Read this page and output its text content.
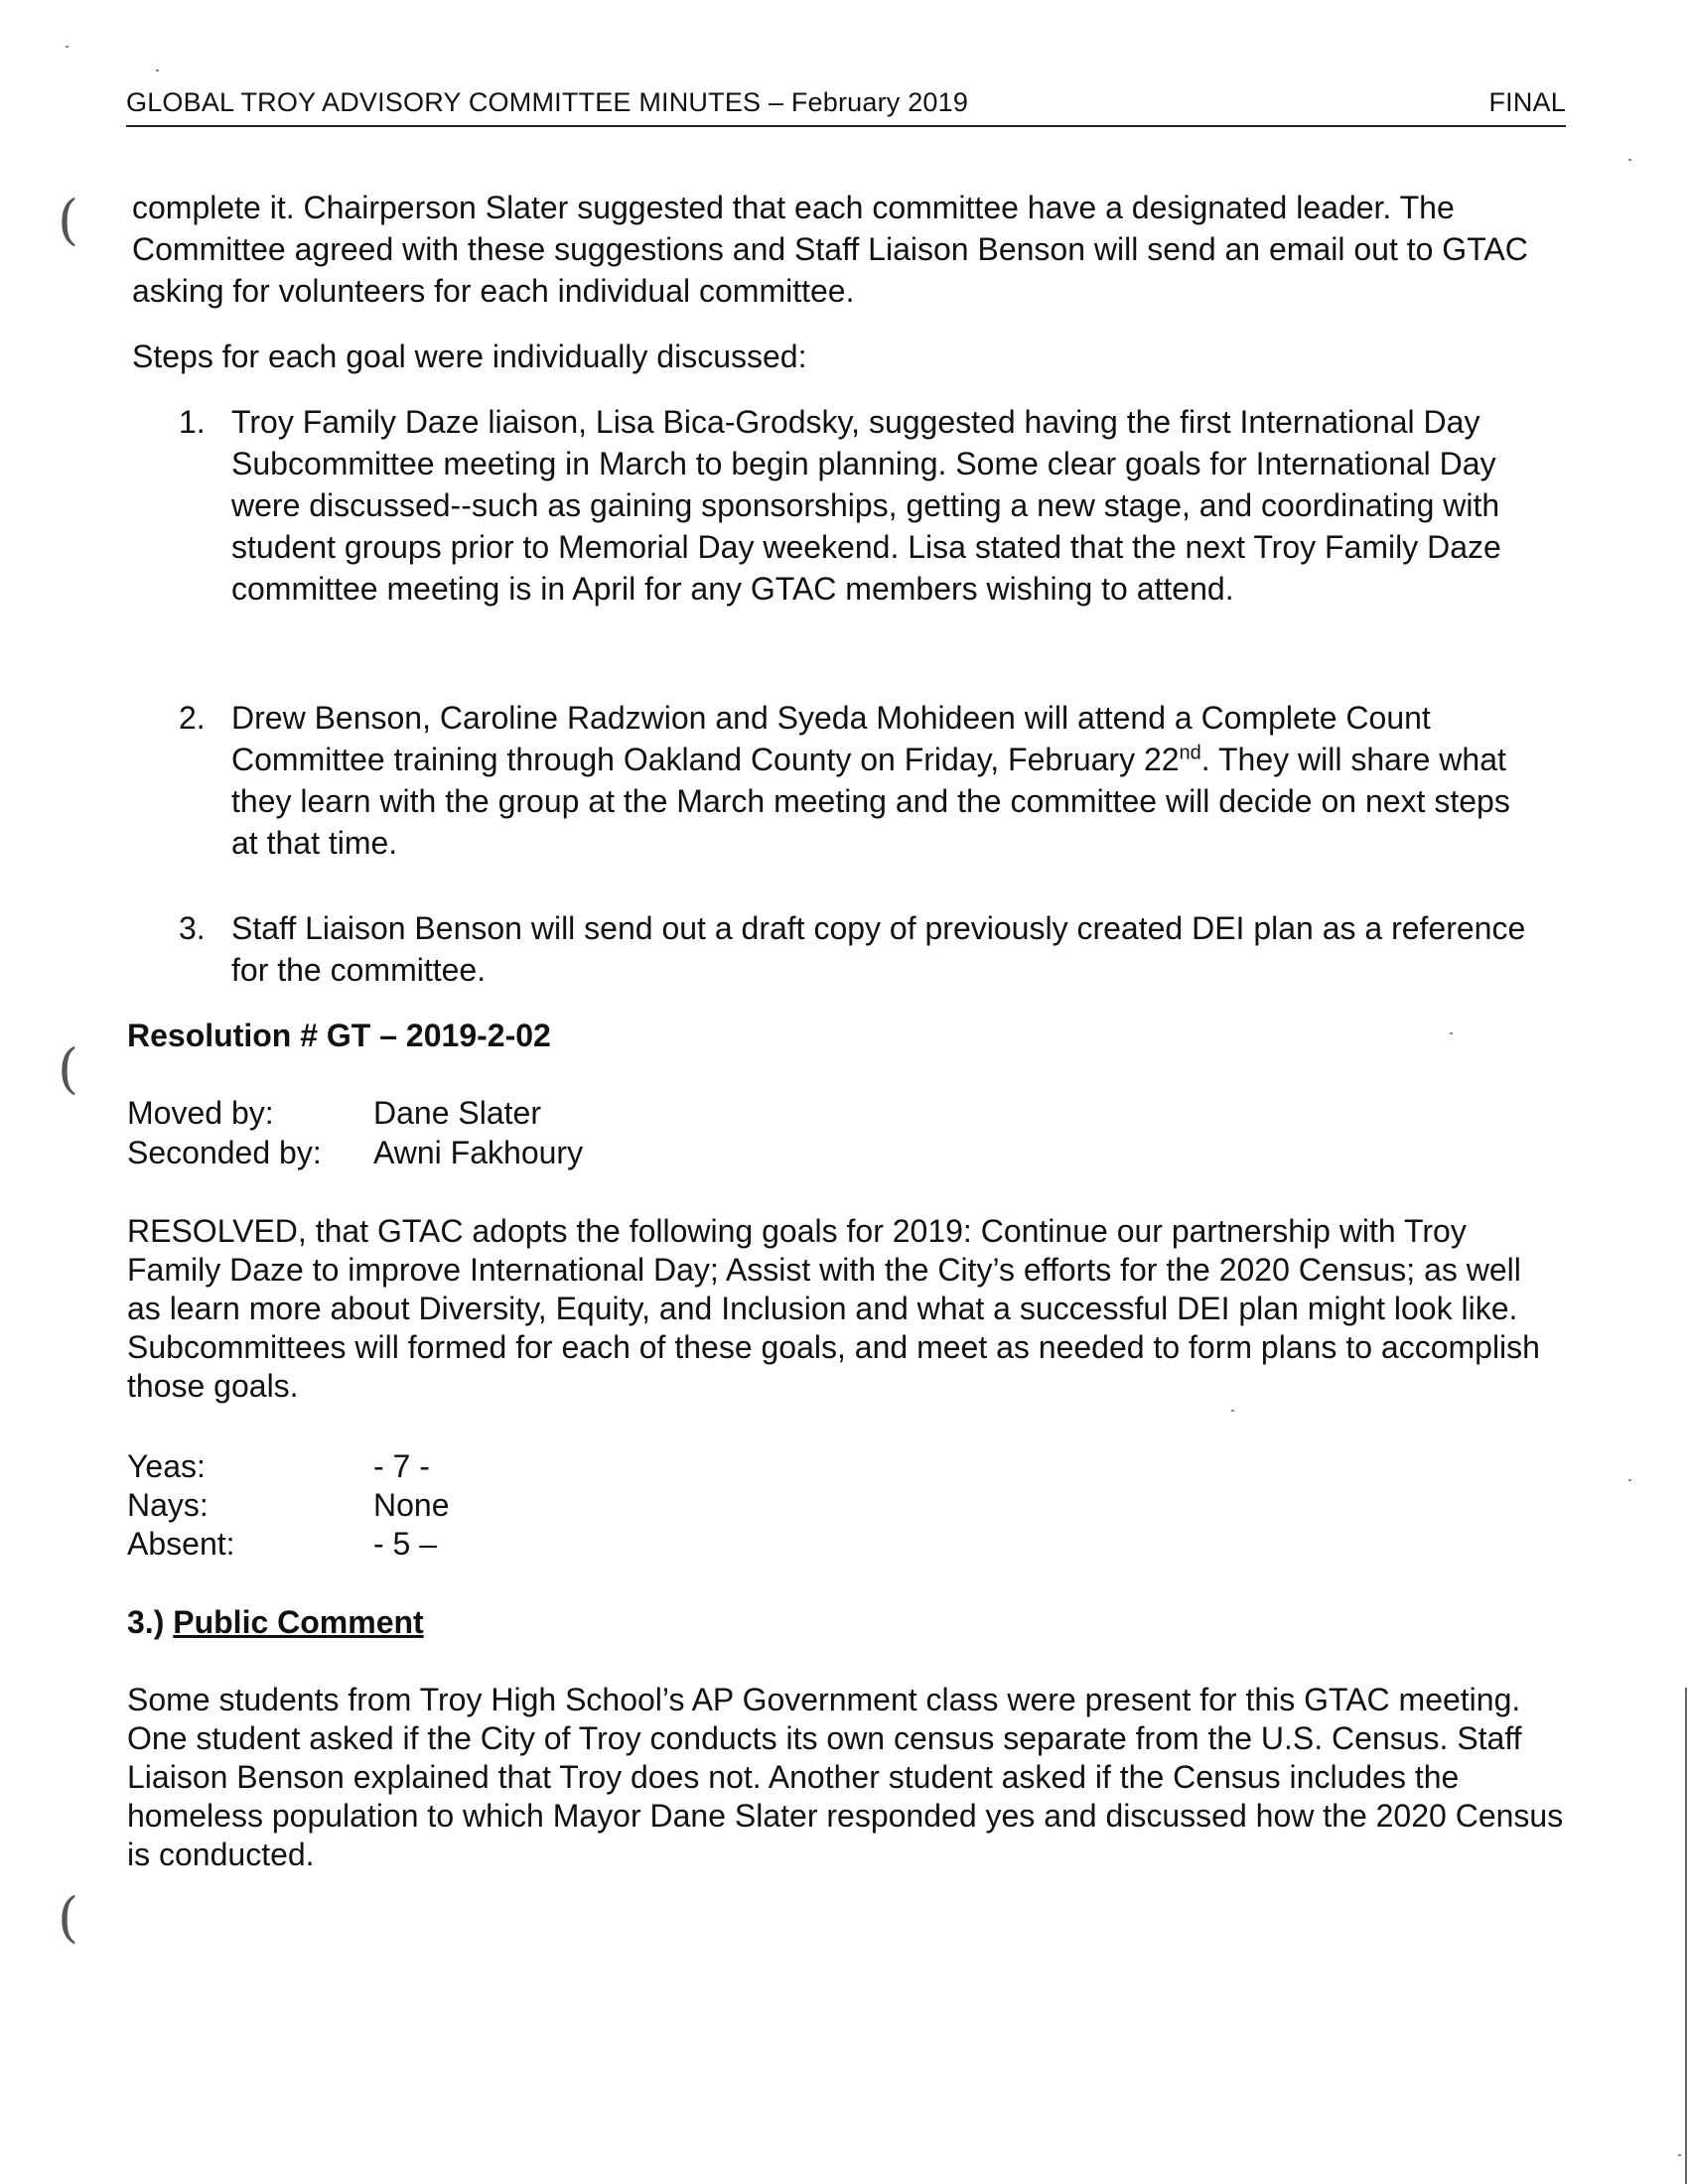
GLOBAL TROY ADVISORY COMMITTEE MINUTES – February 2019	FINAL
(
(
(
complete it. Chairperson Slater suggested that each committee have a designated leader. The Committee agreed with these suggestions and Staff Liaison Benson will send an email out to GTAC asking for volunteers for each individual committee.
Steps for each goal were individually discussed:
1. Troy Family Daze liaison, Lisa Bica-Grodsky, suggested having the first International Day Subcommittee meeting in March to begin planning. Some clear goals for International Day were discussed--such as gaining sponsorships, getting a new stage, and coordinating with student groups prior to Memorial Day weekend. Lisa stated that the next Troy Family Daze committee meeting is in April for any GTAC members wishing to attend.
2. Drew Benson, Caroline Radzwion and Syeda Mohideen will attend a Complete Count Committee training through Oakland County on Friday, February 22nd. They will share what they learn with the group at the March meeting and the committee will decide on next steps at that time.
3. Staff Liaison Benson will send out a draft copy of previously created DEI plan as a reference for the committee.
Resolution # GT – 2019-2-02
Moved by:	Dane Slater
Seconded by: Awni Fakhoury
RESOLVED, that GTAC adopts the following goals for 2019: Continue our partnership with Troy Family Daze to improve International Day; Assist with the City’s efforts for the 2020 Census; as well as learn more about Diversity, Equity, and Inclusion and what a successful DEI plan might look like. Subcommittees will formed for each of these goals, and meet as needed to form plans to accomplish those goals.
Yeas:	- 7 -
Nays:	None
Absent:	- 5 –
3.) Public Comment
Some students from Troy High School’s AP Government class were present for this GTAC meeting. One student asked if the City of Troy conducts its own census separate from the U.S. Census. Staff Liaison Benson explained that Troy does not. Another student asked if the Census includes the homeless population to which Mayor Dane Slater responded yes and discussed how the 2020 Census is conducted.
